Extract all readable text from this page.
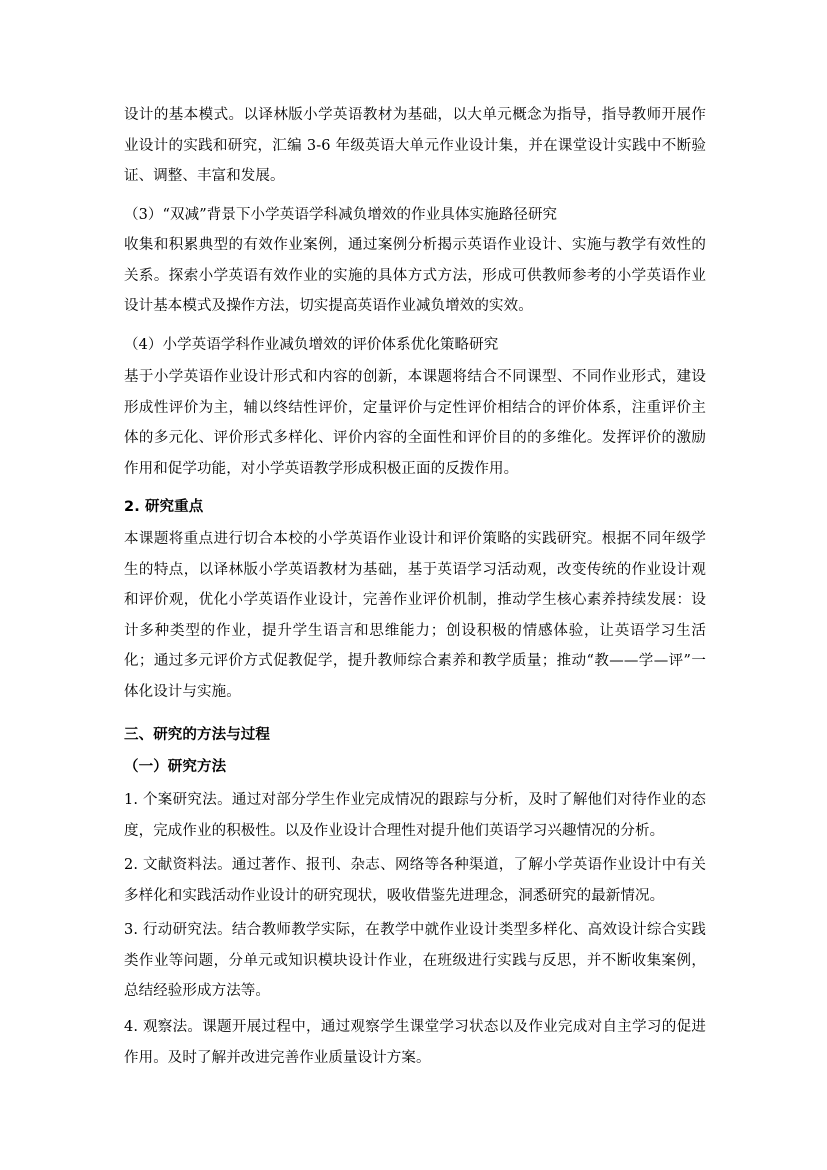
设计的基本模式。以译林版小学英语教材为基础，以大单元概念为指导，指导教师开展作业设计的实践和研究，汇编 3-6 年级英语大单元作业设计集，并在课堂设计实践中不断验证、调整、丰富和发展。
（3）“双减”背景下小学英语学科减负增效的作业具体实施路径研究
收集和积累典型的有效作业案例，通过案例分析揭示英语作业设计、实施与教学有效性的关系。探索小学英语有效作业的实施的具体方式方法，形成可供教师参考的小学英语作业设计基本模式及操作方法，切实提高英语作业减负增效的实效。
（4）小学英语学科作业减负增效的评价体系优化策略研究
基于小学英语作业设计形式和内容的创新，本课题将结合不同课型、不同作业形式，建设形成性评价为主，辅以终结性评价，定量评价与定性评价相结合的评价体系，注重评价主体的多元化、评价形式多样化、评价内容的全面性和评价目的的多维化。发挥评价的激励作用和促学功能，对小学英语教学形成积极正面的反拨作用。
2. 研究重点
本课题将重点进行切合本校的小学英语作业设计和评价策略的实践研究。根据不同年级学生的特点，以译林版小学英语教材为基础，基于英语学习活动观，改变传统的作业设计观和评价观，优化小学英语作业设计，完善作业评价机制，推动学生核心素养持续发展：设计多种类型的作业，提升学生语言和思维能力；创设积极的情感体验，让英语学习生活化；通过多元评价方式促教促学，提升教师综合素养和教学质量；推动“教——学—评”一体化设计与实施。
三、研究的方法与过程
（一）研究方法
1. 个案研究法。通过对部分学生作业完成情况的跟踪与分析，及时了解他们对待作业的态度，完成作业的积极性。以及作业设计合理性对提升他们英语学习兴趣情况的分析。
2. 文献资料法。通过著作、报刊、杂志、网络等各种渠道，了解小学英语作业设计中有关多样化和实践活动作业设计的研究现状，吸收借鉴先进理念，洞悉研究的最新情况。
3. 行动研究法。结合教师教学实际，在教学中就作业设计类型多样化、高效设计综合实践类作业等问题，分单元或知识模块设计作业，在班级进行实践与反思，并不断收集案例，总结经验形成方法等。
4. 观察法。课题开展过程中，通过观察学生课堂学习状态以及作业完成对自主学习的促进作用。及时了解并改进完善作业质量设计方案。
